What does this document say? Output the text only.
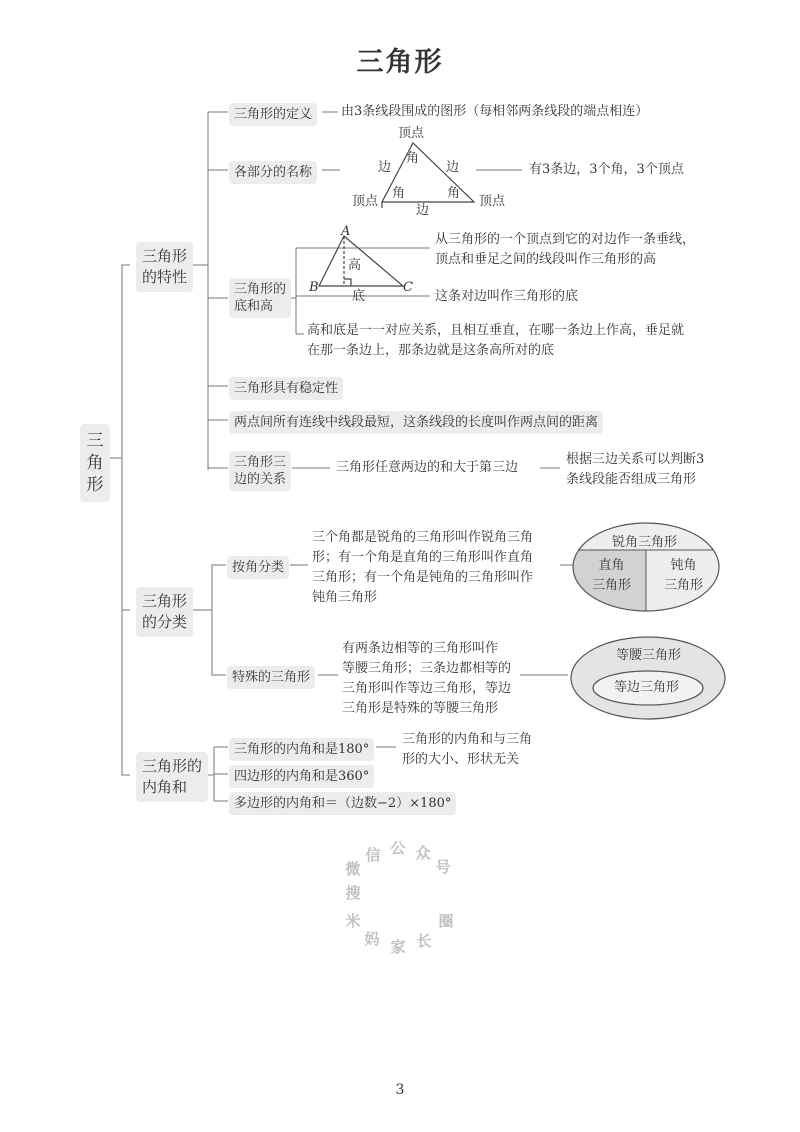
微
信 公 众
号
搜
米
妈 家 长
圈
三角形
三
角
形
三角形
的特性
三角形的定义	由3条线段围成的图形（每相邻两条线段的端点相连）
各部分的名称
顶点
角
边	边
角	角
顶点	顶点
边
有3条边，3个角，3个顶点
三角形的
底和高
A
B	C
高
底
从三角形的一个顶点到它的对边作一条垂线，
顶点和垂足之间的线段叫作三角形的高
这条对边叫作三角形的底
高和底是一一对应关系，且相互垂直，在哪一条边上作高，垂足就
在那一条边上，那条边就是这条高所对的底
三角形具有稳定性
两点间所有连线中线段最短，这条线段的长度叫作两点间的距离
三角形三
边的关系
三角形任意两边的和大于第三边
根据三边关系可以判断3
条线段能否组成三角形
三角形
的分类
按角分类
三个角都是锐角的三角形叫作锐角三角
形；有一个角是直角的三角形叫作直角
三角形；有一个角是钝角的三角形叫作
钝角三角形
锐角三角形
直角
三角形
钝角
三角形
特殊的三角形
有两条边相等的三角形叫作
等腰三角形；三条边都相等的
三角形叫作等边三角形，等边
三角形是特殊的等腰三角形
等腰三角形
等边三角形
三角形的
内角和
三角形的内角和是180°
三角形的内角和与三角
形的大小、形状无关
四边形的内角和是360°
多边形的内角和＝（边数−2）×180°
3
